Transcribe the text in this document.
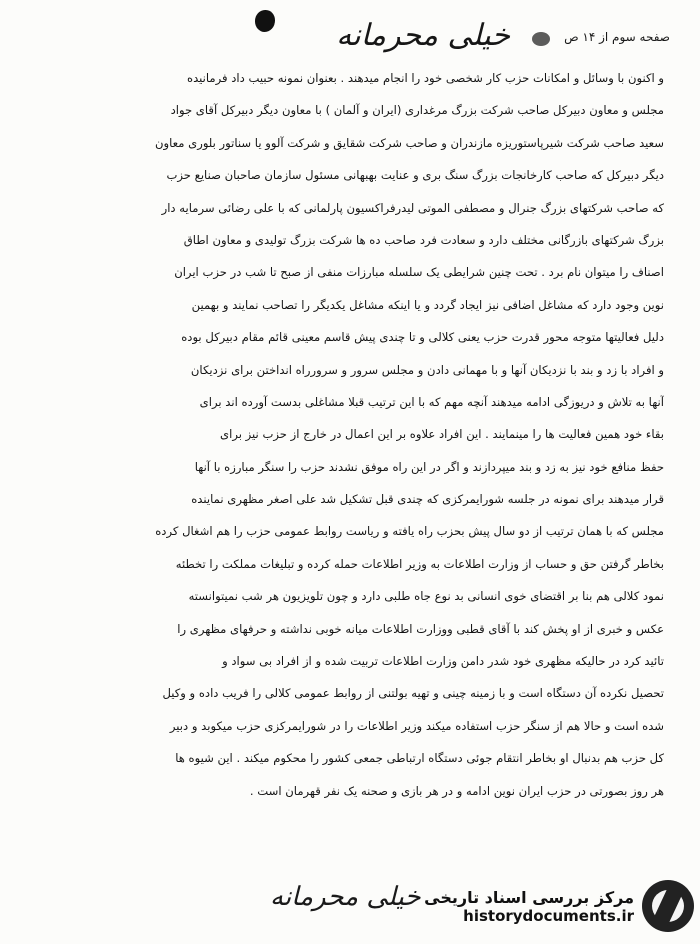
صفحه سوم از ۱۴ ص
خیلی محرمانه
و اکنون با وسائل و امکانات حزب کار شخصی خود را انجام میدهند . بعنوان نمونه حبیب داد فرمانیده
مجلس و معاون دبیرکل صاحب شرکت بزرگ مرغداری (ایران و آلمان ) با معاون دیگر دبیرکل آقای جواد
سعید صاحب شرکت شیرپاستوریزه مازندران و صاحب شرکت شقایق و شرکت آلوو یا سناتور بلوری معاون
دیگر دبیرکل که صاحب کارخانجات بزرگ سنگ بری و عنایت بهبهانی مسئول سازمان صاحبان صنایع حزب
که صاحب شرکتهای بزرگ جنرال و مصطفی الموتی لیدرفراکسیون پارلمانی که با علی رضائی سرمایه دار
بزرگ شرکتهای بازرگانی مختلف دارد و سعادت فرد صاحب ده ها شرکت بزرگ تولیدی و معاون اطاق
اصناف را میتوان نام برد . تحت چنین شرایطی یک سلسله مبارزات منفی از صبح تا شب در حزب ایران
نوین وجود دارد که مشاغل اضافی نیز ایجاد گردد و یا اینکه مشاغل یکدیگر را تصاحب نمایند و بهمین
دلیل فعالیتها متوجه محور قدرت حزب یعنی کلالی و تا چندی پیش قاسم معینی قائم مقام دبیرکل بوده
و افراد با زد و بند با نزدیکان آنها و با مهمانی دادن و مجلس سرور و سرورراه انداختن برای نزدیکان
آنها به تلاش و دریوزگی ادامه میدهند آنچه مهم که با این ترتیب قبلا مشاغلی بدست آورده اند برای
بقاء خود همین فعالیت ها را مینمایند . این افراد علاوه بر این اعمال در خارج از حزب نیز برای
حفظ منافع خود نیز به زد و بند میپردازند و اگر در این راه موفق نشدند حزب را سنگر مبارزه با آنها
قرار میدهند برای نمونه در جلسه شورایمرکزی که چندی قبل تشکیل شد علی اصغر مظهری نماینده
مجلس که با همان ترتیب از دو سال پیش بحزب راه یافته و ریاست روابط عمومی حزب را هم اشغال کرده
بخاطر گرفتن حق و حساب از وزارت اطلاعات به وزیر اطلاعات حمله کرده و تبلیغات مملکت را تخطئه
نمود کلالی هم بنا بر اقتضای خوی انسانی بد نوع جاه طلبی دارد و چون تلویزیون هر شب نمیتوانسته
عکس و خبری از او پخش کند با آقای قطبی ووزارت اطلاعات میانه خوبی نداشته و حرفهای مظهری را
تائید کرد در حالیکه مظهری خود شدر دامن وزارت اطلاعات تربیت شده و از افراد بی سواد و
تحصیل نکرده آن دستگاه است و با زمینه چینی و تهیه بولتنی از روابط عمومی کلالی را فریب داده و وکیل
شده است و حالا هم از سنگر حزب استفاده میکند وزیر اطلاعات را در شورایمرکزی حزب میکوبد و دبیر
کل حزب هم بدنبال او بخاطر انتقام جوئی دستگاه ارتباطی جمعی کشور را محکوم میکند . این شیوه ها
هر روز بصورتی در حزب ایران نوین ادامه و در هر بازی و صحنه یک نفر قهرمان است .
خیلی محرمانه مرکز بررسی اسناد تاریخی
historydocuments.ir
